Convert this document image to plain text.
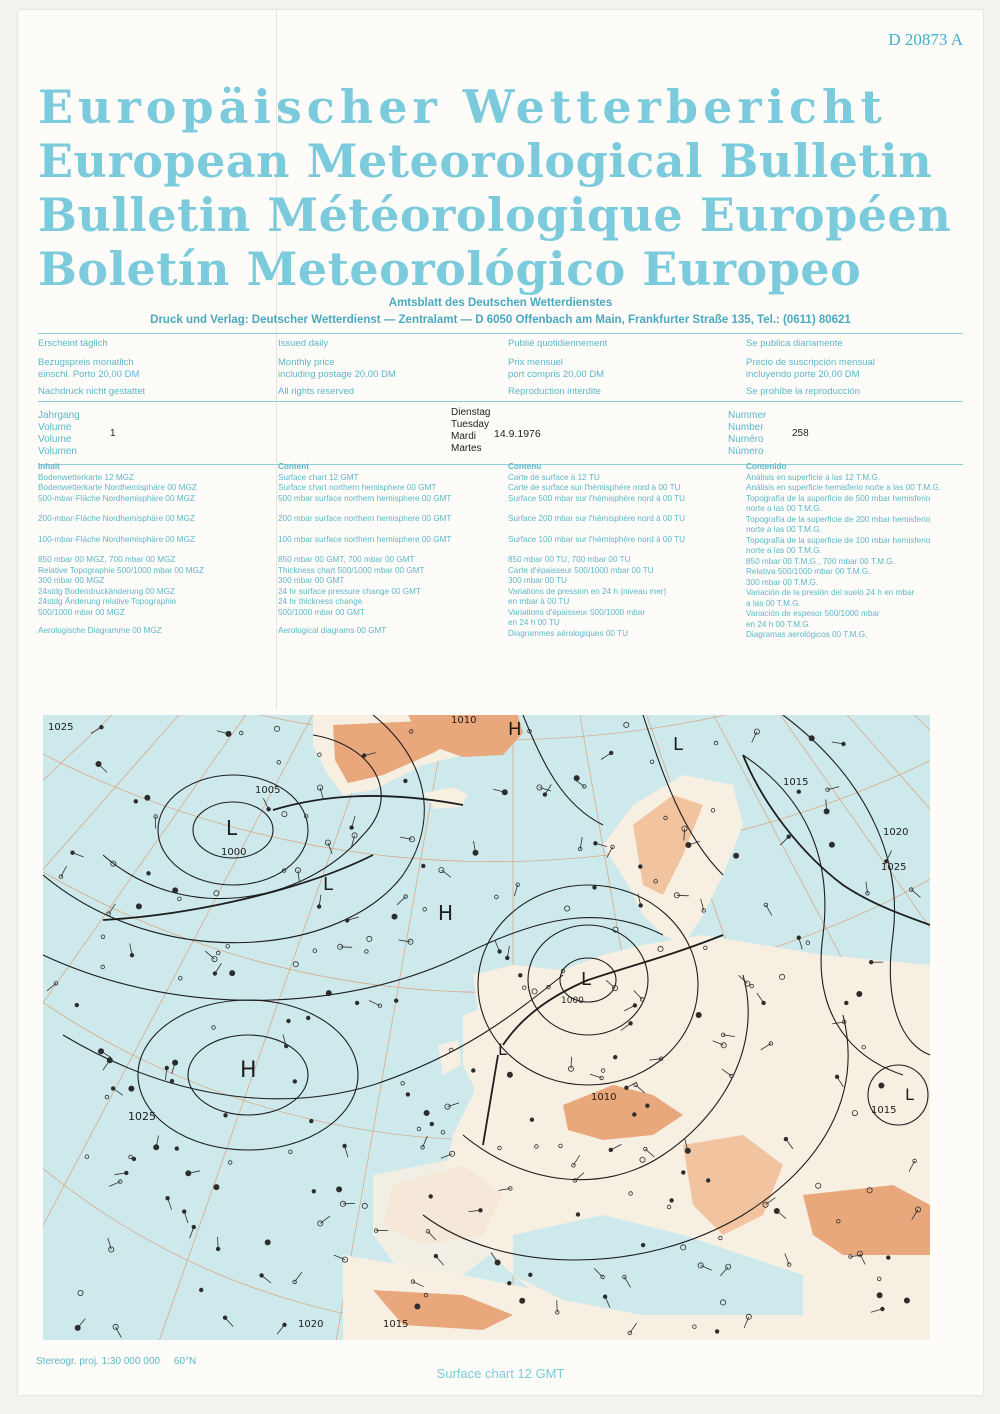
D 20873 A
Europäischer Wetterbericht
European Meteorological Bulletin
Bulletin Météorologique Européen
Boletín Meteorológico Europeo
Amtsblatt des Deutschen Wetterdienstes
Druck und Verlag: Deutscher Wetterdienst — Zentralamt — D 6050 Offenbach am Main, Frankfurter Straße 135, Tel.: (0611) 80621
Erscheint täglich
Bezugspreis monatlich
einschl. Porto 20,00 DM
Nachdruck nicht gestattet
Issued daily
Monthly price
including postage 20,00 DM
All rights reserved
Publié quotidiennement
Prix mensuel
port compris 20,00 DM
Reproduction interdite
Se publica diariamente
Precio de suscripción mensual
incluyendo porte 20,00 DM
Se prohíbe la reproducción
Jahrgang
Volume
Volume
Volumen
1
Dienstag
Tuesday
Mardi
Martes
14.9.1976
Nummer
Number
Numéro
Número
258
Inhalt
Bodenwetterkarte 12 MGZ
Bodenwetterkarte Nordhemisphäre 00 MGZ
500-mbar-Fläche Nordhemisphäre 00 MGZ
200-mbar-Fläche Nordhemisphäre 00 MGZ
100-mbar-Fläche Nordhemisphäre 00 MGZ
850 mbar 00 MGZ, 700 mbar 00 MGZ
Relative Topographie 500/1000 mbar 00 MGZ
300 mbar 00 MGZ
24stdg Bodendruckänderung 00 MGZ
24stdg Änderung relative Topographie
500/1000 mbar 00 MGZ
Aerologische Diagramme 00 MGZ
Content
Surface chart 12 GMT
Surface chart northern hemisphere 00 GMT
500 mbar surface northern hemisphere 00 GMT
200 mbar surface northern hemisphere 00 GMT
100 mbar surface northern hemisphere 00 GMT
850 mbar 00 GMT, 700 mbar 00 GMT
Thickness chart 500/1000 mbar 00 GMT
300 mbar 00 GMT
24 hr surface pressure change 00 GMT
24 hr thickness change
500/1000 mbar 00 GMT
Aerological diagrams 00 GMT
Contenu
Carte de surface à 12 TU
Carte de surface sur l'hémisphère nord à 00 TU
Surface 500 mbar sur l'hémisphère nord à 00 TU
Surface 200 mbar sur l'hémisphère nord à 00 TU
Surface 100 mbar sur l'hémisphère nord à 00 TU
850 mbar 00 TU, 700 mbar 00 TU
Carte d'épaisseur 500/1000 mbar 00 TU
300 mbar 00 TU
Variations de pression en 24 h (niveau mer)
en mbar à 00 TU
Variations d'épaisseur 500/1000 mbar
en 24 h 00 TU
Diagrammes aérologiques 00 TU
Contenido
Análisis en superficie a las 12 T.M.G.
Análisis en superficie hemisferio norte a las 00 T.M.G.
Topografía de la superficie de 500 mbar hemisferio
norte a las 00 T.M.G.
Topografía de la superficie de 200 mbar hemisferio
norte a las 00 T.M.G.
Topografía de la superficie de 100 mbar hemisferio
norte a las 00 T.M.G.
850 mbar 00 T.M.G., 700 mbar 00 T.M.G.
Relativa 500/1000 mbar 00 T.M.G.
300 mbar 00 T.M.G.
Variación de la presión del suelo 24 h en mbar
a las 00 T.M.G.
Variación de espesor 500/1000 mbar
en 24 h 00 T.M.G.
Diagramas aerológicos 00 T.M.G.
Stereogr. proj. 1:30 000 000 60°N
Surface chart 12 GMT
L
1000
L
H
H
1025
L
1000
L
H
L
L
1015
1005
1010
1015
1020
1025
1010
1015
1020
1025
